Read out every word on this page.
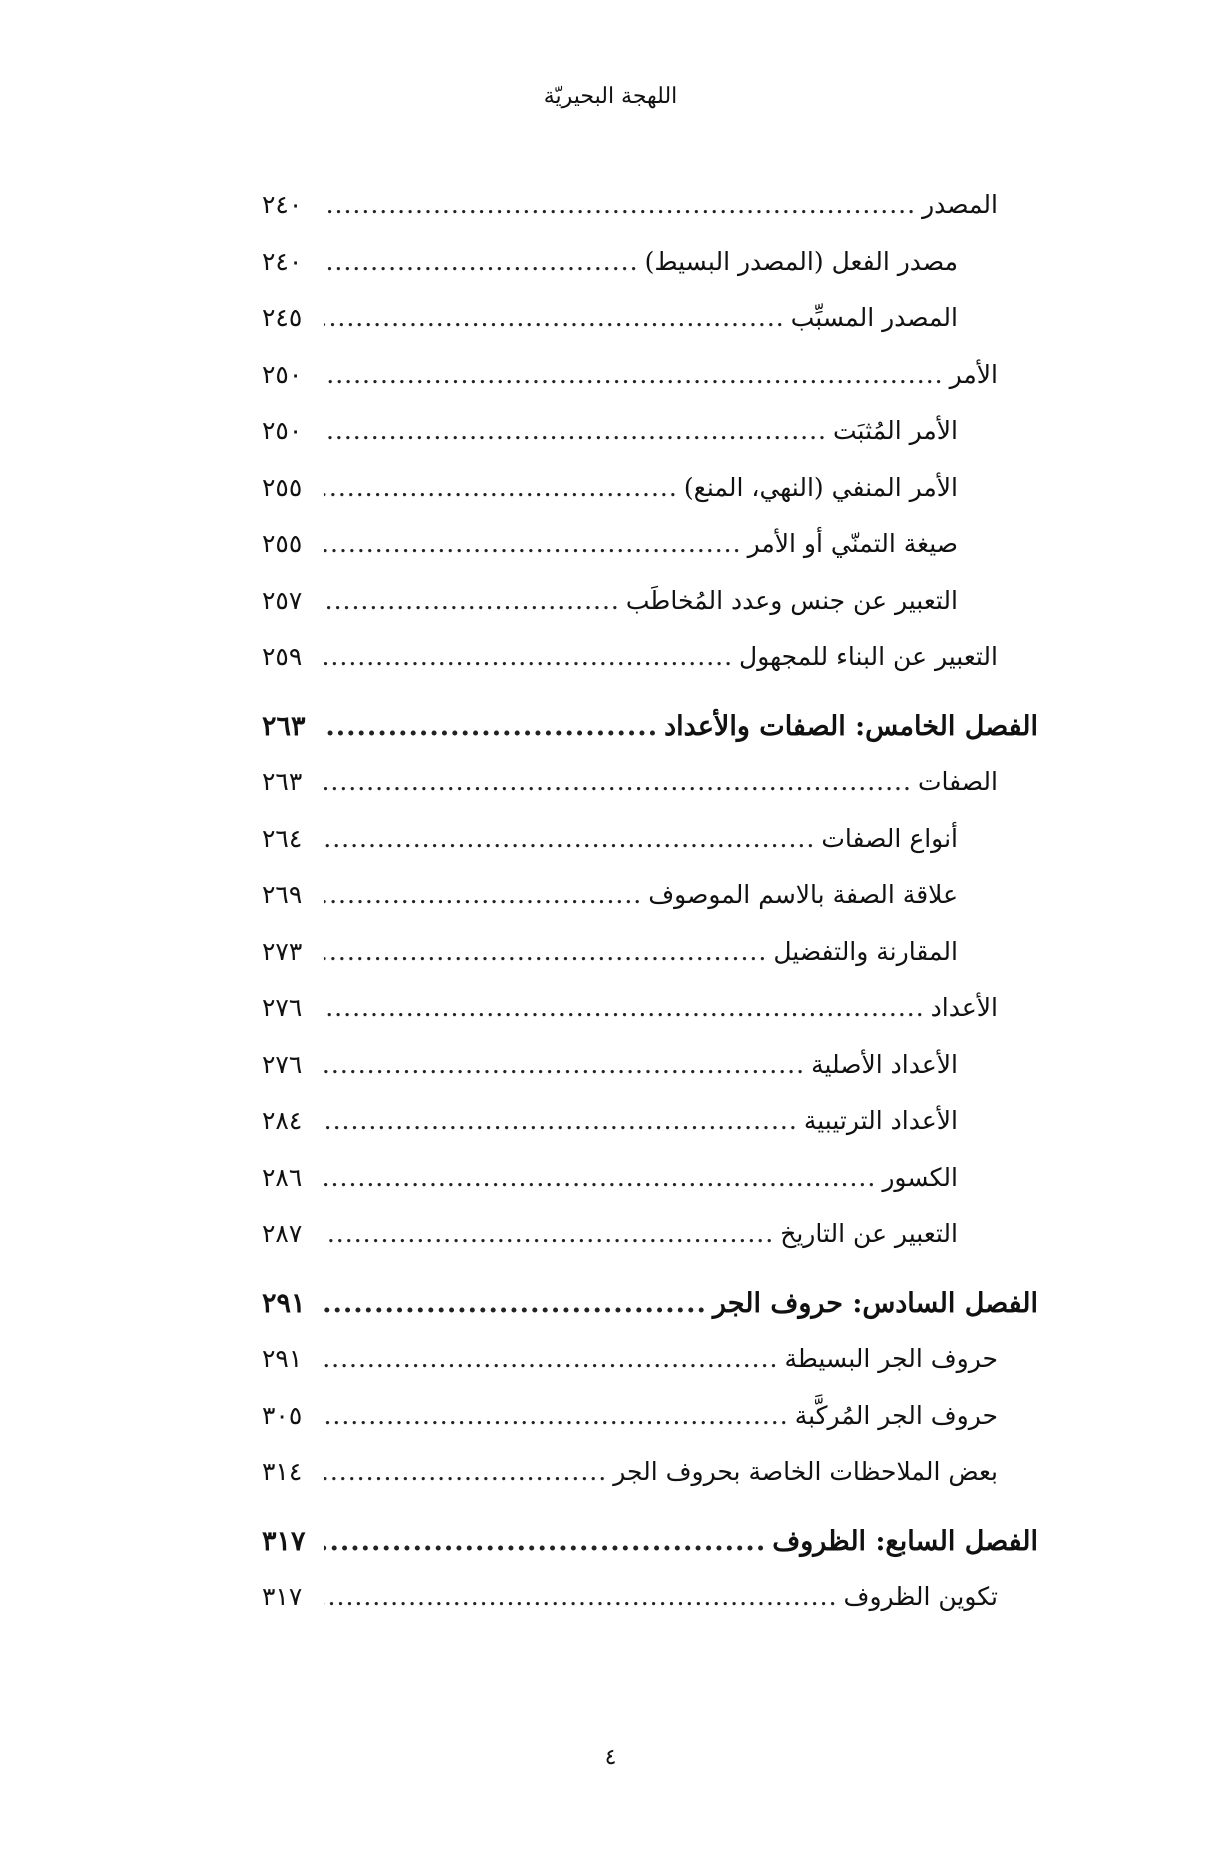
اللهجة البحيريّة
المصدر
.....
٢٤٠
مصدر الفعل (المصدر البسيط)
.....
٢٤٠
المصدر المسبِّب
.....
٢٤٥
الأمر
.....
٢٥٠
الأمر المُثبَت
.....
٢٥٠
الأمر المنفي (النهي، المنع)
.....
٢٥٥
صيغة التمنّي أو الأمر
.....
٢٥٥
التعبير عن جنس وعدد المُخاطَب
.....
٢٥٧
التعبير عن البناء للمجهول
.....
٢٥٩
الفصل الخامس: الصفات والأعداد
.....
٢٦٣
الصفات
.....
٢٦٣
أنواع الصفات
.....
٢٦٤
علاقة الصفة بالاسم الموصوف
.....
٢٦٩
المقارنة والتفضيل
.....
٢٧٣
الأعداد
.....
٢٧٦
الأعداد الأصلية
.....
٢٧٦
الأعداد الترتيبية
.....
٢٨٤
الكسور
.....
٢٨٦
التعبير عن التاريخ
.....
٢٨٧
الفصل السادس: حروف الجر
.....
٢٩١
حروف الجر البسيطة
.....
٢٩١
حروف الجر المُركَّبة
.....
٣٠٥
بعض الملاحظات الخاصة بحروف الجر
.....
٣١٤
الفصل السابع: الظروف
.....
٣١٧
تكوين الظروف
.....
٣١٧
٤
